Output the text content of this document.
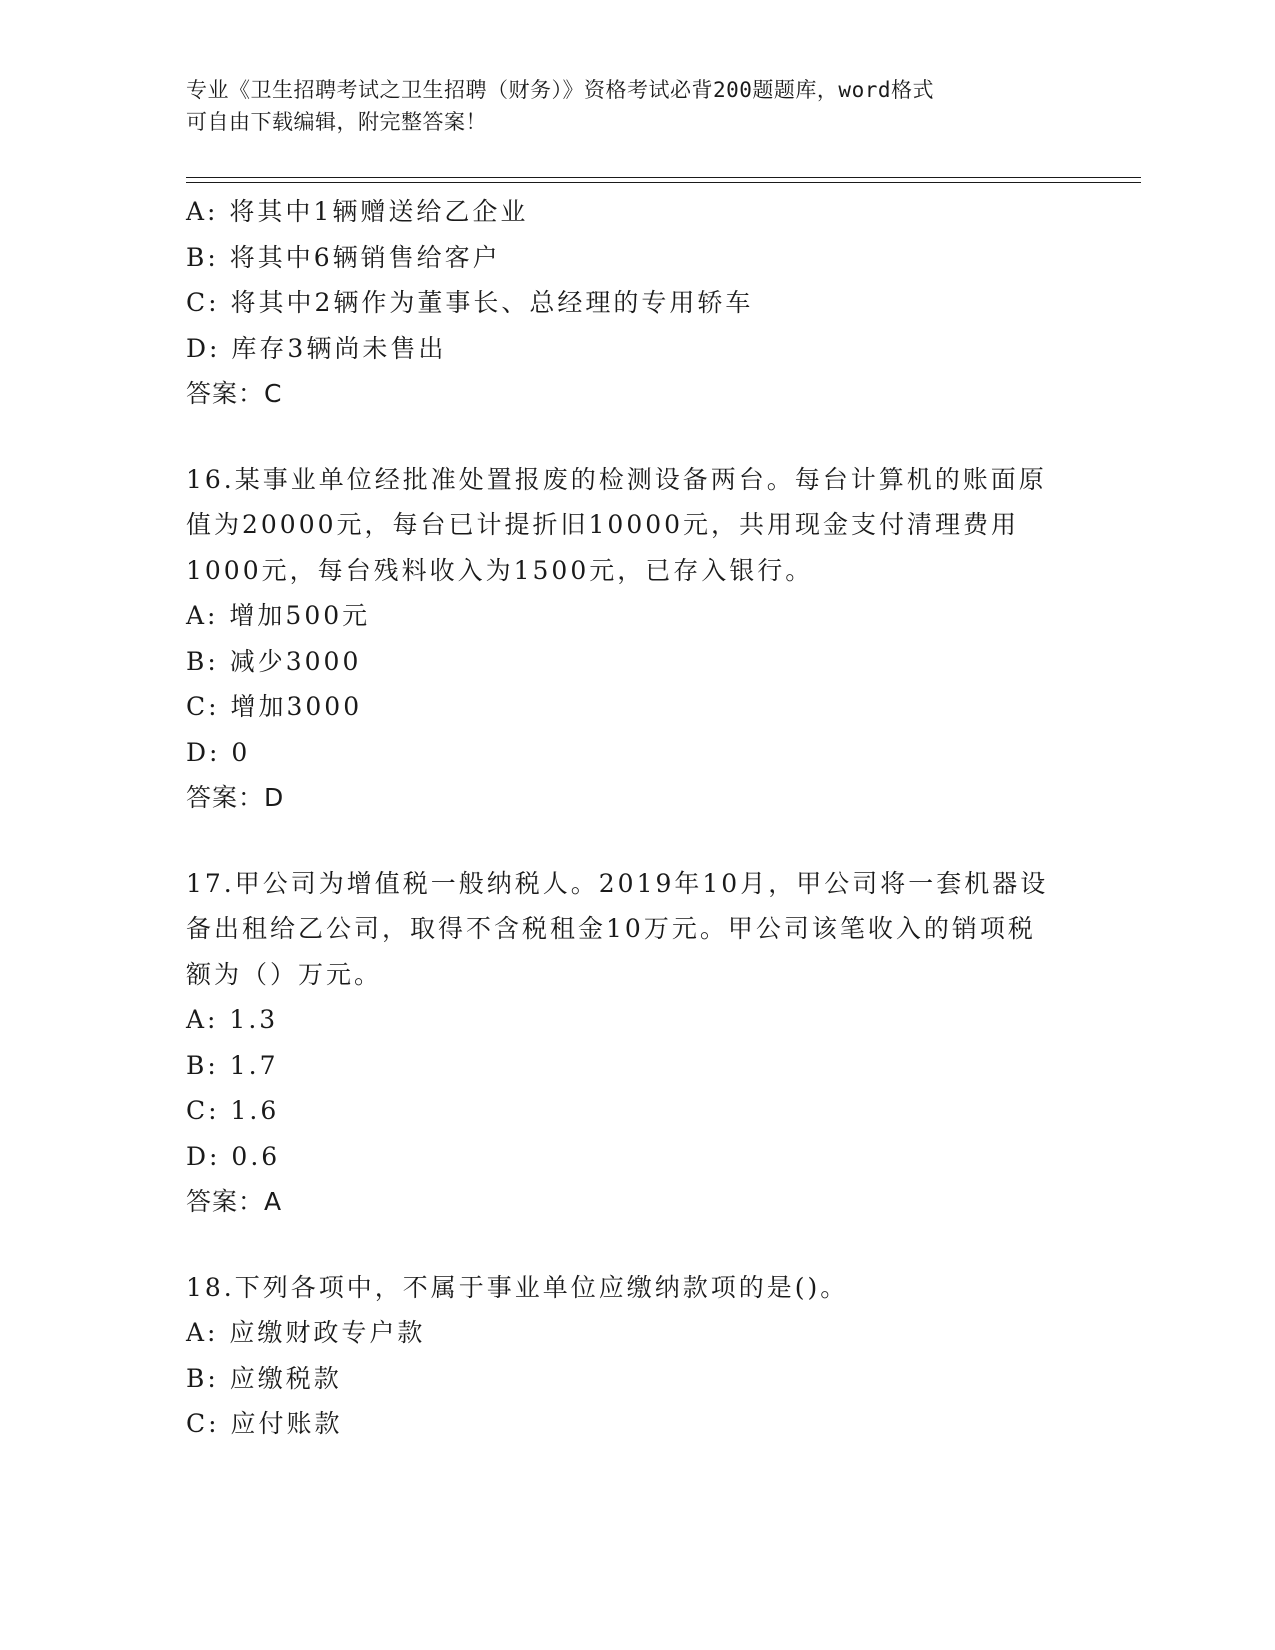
专业《卫生招聘考试之卫生招聘（财务）》资格考试必背200题题库，word格式
可自由下载编辑，附完整答案！
A: 将其中1辆赠送给乙企业
B: 将其中6辆销售给客户
C: 将其中2辆作为董事长、总经理的专用轿车
D: 库存3辆尚未售出
答案：C
16.某事业单位经批准处置报废的检测设备两台。每台计算机的账面原
值为20000元，每台已计提折旧10000元，共用现金支付清理费用
1000元，每台残料收入为1500元，已存入银行。
A: 增加500元
B: 减少3000
C: 增加3000
D: 0
答案：D
17.甲公司为增值税一般纳税人。2019年10月，甲公司将一套机器设
备出租给乙公司，取得不含税租金10万元。甲公司该笔收入的销项税
额为（）万元。
A: 1.3
B: 1.7
C: 1.6
D: 0.6
答案：A
18.下列各项中，不属于事业单位应缴纳款项的是()。
A: 应缴财政专户款
B: 应缴税款
C: 应付账款
